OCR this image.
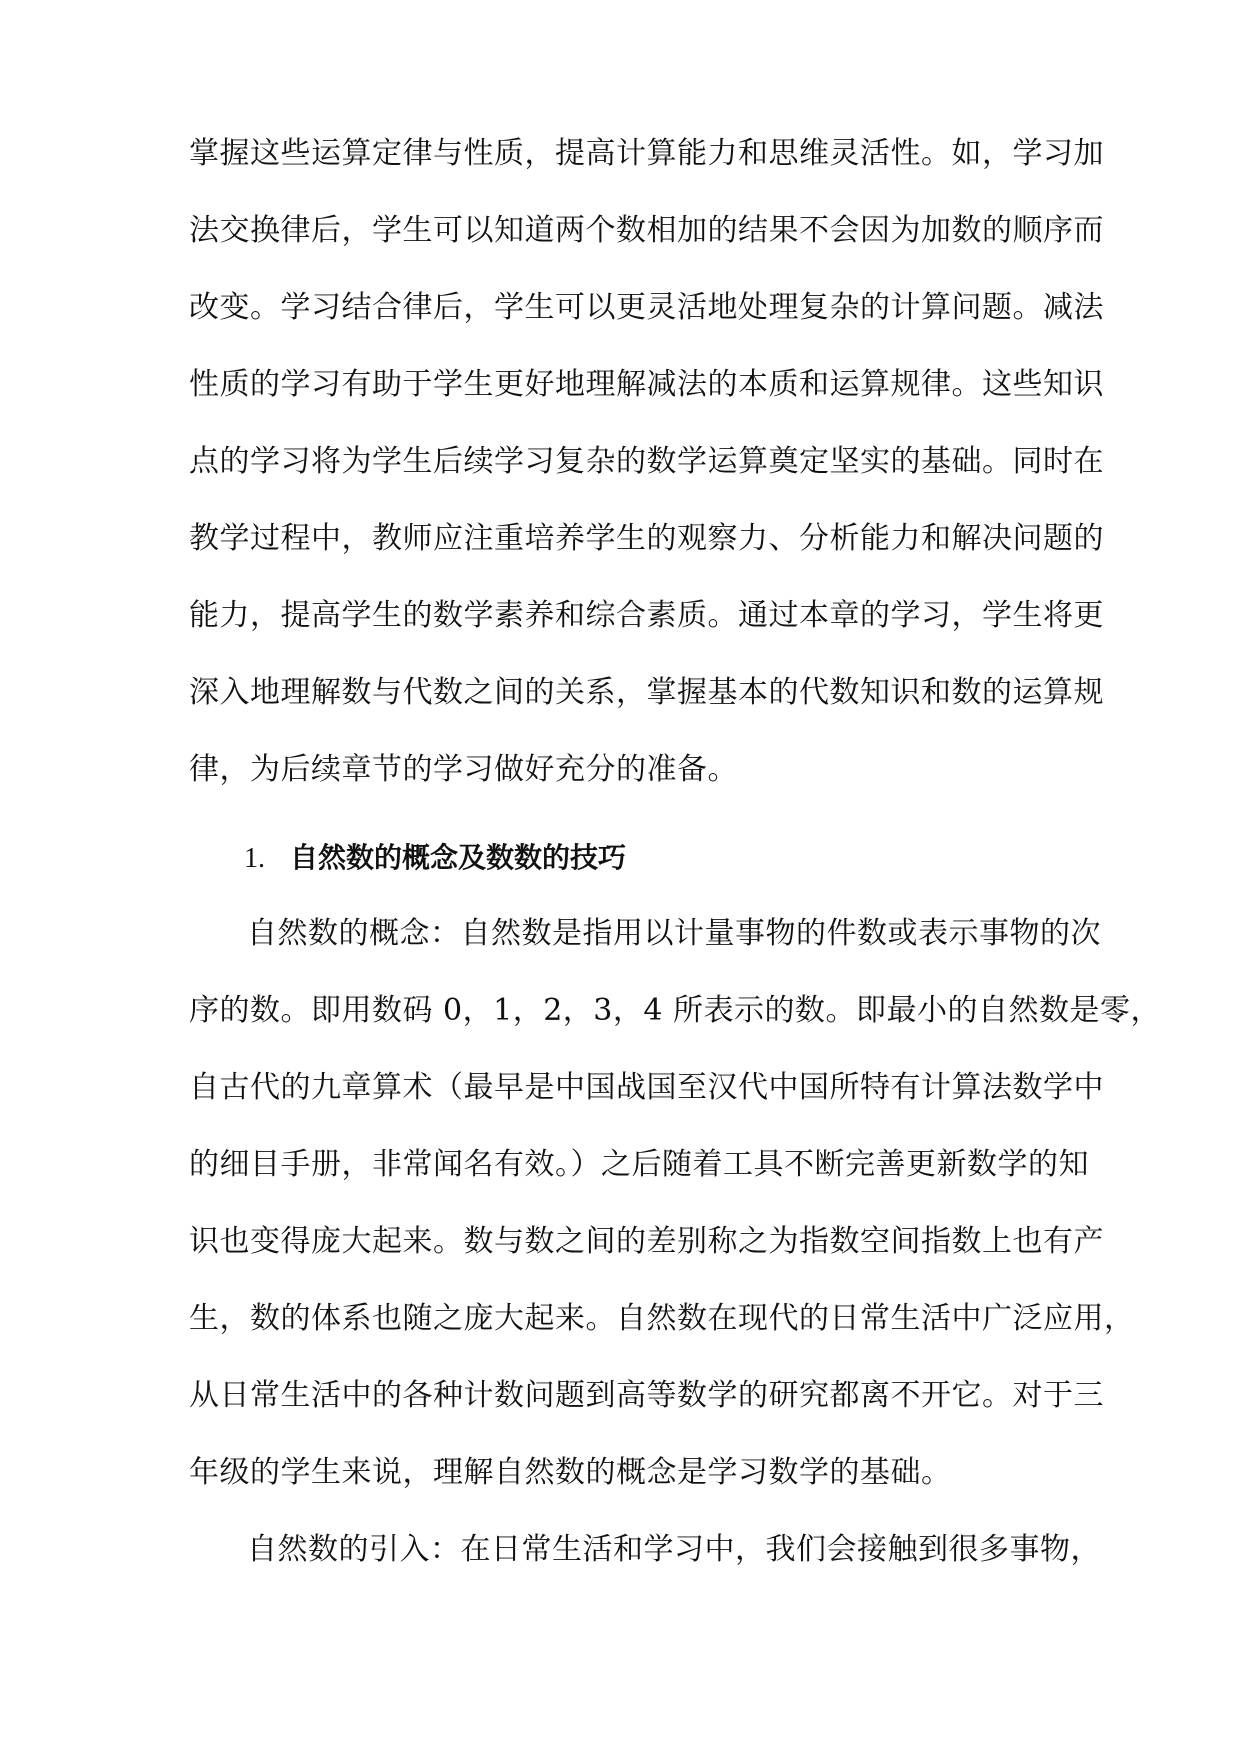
掌握这些运算定律与性质，提高计算能力和思维灵活性。如，学习加
法交换律后，学生可以知道两个数相加的结果不会因为加数的顺序而
改变。学习结合律后，学生可以更灵活地处理复杂的计算问题。减法
性质的学习有助于学生更好地理解减法的本质和运算规律。这些知识
点的学习将为学生后续学习复杂的数学运算奠定坚实的基础。同时在
教学过程中，教师应注重培养学生的观察力、分析能力和解决问题的
能力，提高学生的数学素养和综合素质。通过本章的学习，学生将更
深入地理解数与代数之间的关系，掌握基本的代数知识和数的运算规
律，为后续章节的学习做好充分的准备。
1. 自然数的概念及数数的技巧
自然数的概念：自然数是指用以计量事物的件数或表示事物的次
序的数。即用数码 0，1，2，3，4 所表示的数。即最小的自然数是零，
自古代的九章算术（最早是中国战国至汉代中国所特有计算法数学中
的细目手册，非常闻名有效。）之后随着工具不断完善更新数学的知
识也变得庞大起来。数与数之间的差别称之为指数空间指数上也有产
生，数的体系也随之庞大起来。自然数在现代的日常生活中广泛应用，
从日常生活中的各种计数问题到高等数学的研究都离不开它。对于三
年级的学生来说，理解自然数的概念是学习数学的基础。
自然数的引入：在日常生活和学习中，我们会接触到很多事物，
